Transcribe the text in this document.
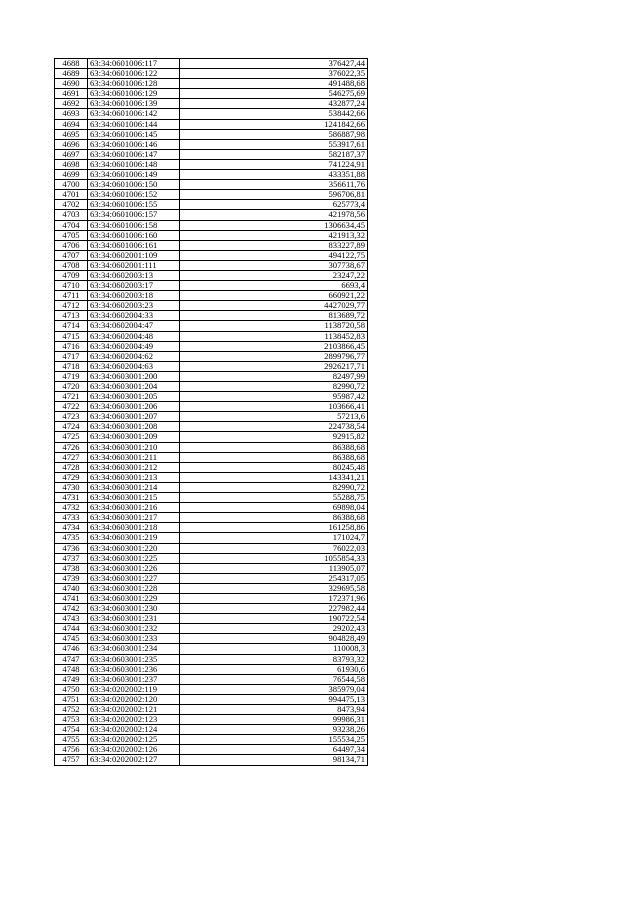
4688	63:34:0601006:117	376427,44
4689	63:34:0601006:122	376022,35
4690	63:34:0601006:128	491488,68
4691	63:34:0601006:129	546275,69
4692	63:34:0601006:139	432877,24
4693	63:34:0601006:142	538442,66
4694	63:34:0601006:144	1241842,66
4695	63:34:0601006:145	586887,98
4696	63:34:0601006:146	553917,61
4697	63:34:0601006:147	582187,37
4698	63:34:0601006:148	741224,91
4699	63:34:0601006:149	433351,88
4700	63:34:0601006:150	356611,76
4701	63:34:0601006:152	596706,81
4702	63:34:0601006:155	625773,4
4703	63:34:0601006:157	421978,56
4704	63:34:0601006:158	1306634,45
4705	63:34:0601006:160	421913,32
4706	63:34:0601006:161	833227,89
4707	63:34:0602001:109	494122,75
4708	63:34:0602001:111	307738,67
4709	63:34:0602003:13	23247,22
4710	63:34:0602003:17	6693,4
4711	63:34:0602003:18	660921,22
4712	63:34:0602003:23	4427029,77
4713	63:34:0602004:33	813689,72
4714	63:34:0602004:47	1138720,58
4715	63:34:0602004:48	1138452,83
4716	63:34:0602004:49	2103866,45
4717	63:34:0602004:62	2899796,77
4718	63:34:0602004:63	2926217,71
4719	63:34:0603001:200	82497,99
4720	63:34:0603001:204	82990,72
4721	63:34:0603001:205	95987,42
4722	63:34:0603001:206	103666,41
4723	63:34:0603001:207	57213,6
4724	63:34:0603001:208	224738,54
4725	63:34:0603001:209	92915,82
4726	63:34:0603001:210	86388,68
4727	63:34:0603001:211	86388,68
4728	63:34:0603001:212	80245,48
4729	63:34:0603001:213	143341,21
4730	63:34:0603001:214	82990,72
4731	63:34:0603001:215	55288,75
4732	63:34:0603001:216	69898,04
4733	63:34:0603001:217	86388,68
4734	63:34:0603001:218	161258,86
4735	63:34:0603001:219	171024,7
4736	63:34:0603001:220	76022,03
4737	63:34:0603001:225	1055854,33
4738	63:34:0603001:226	113905,07
4739	63:34:0603001:227	254317,05
4740	63:34:0603001:228	329695,58
4741	63:34:0603001:229	172371,96
4742	63:34:0603001:230	227982,44
4743	63:34:0603001:231	190722,54
4744	63:34:0603001:232	29202,43
4745	63:34:0603001:233	904828,49
4746	63:34:0603001:234	110008,3
4747	63:34:0603001:235	83793,32
4748	63:34:0603001:236	61930,6
4749	63:34:0603001:237	76544,58
4750	63:34:0202002:119	385979,04
4751	63:34:0202002:120	994475,13
4752	63:34:0202002:121	8473,94
4753	63:34:0202002:123	99986,31
4754	63:34:0202002:124	93238,26
4755	63:34:0202002:125	155534,25
4756	63:34:0202002:126	64497,34
4757	63:34:0202002:127	98134,71
